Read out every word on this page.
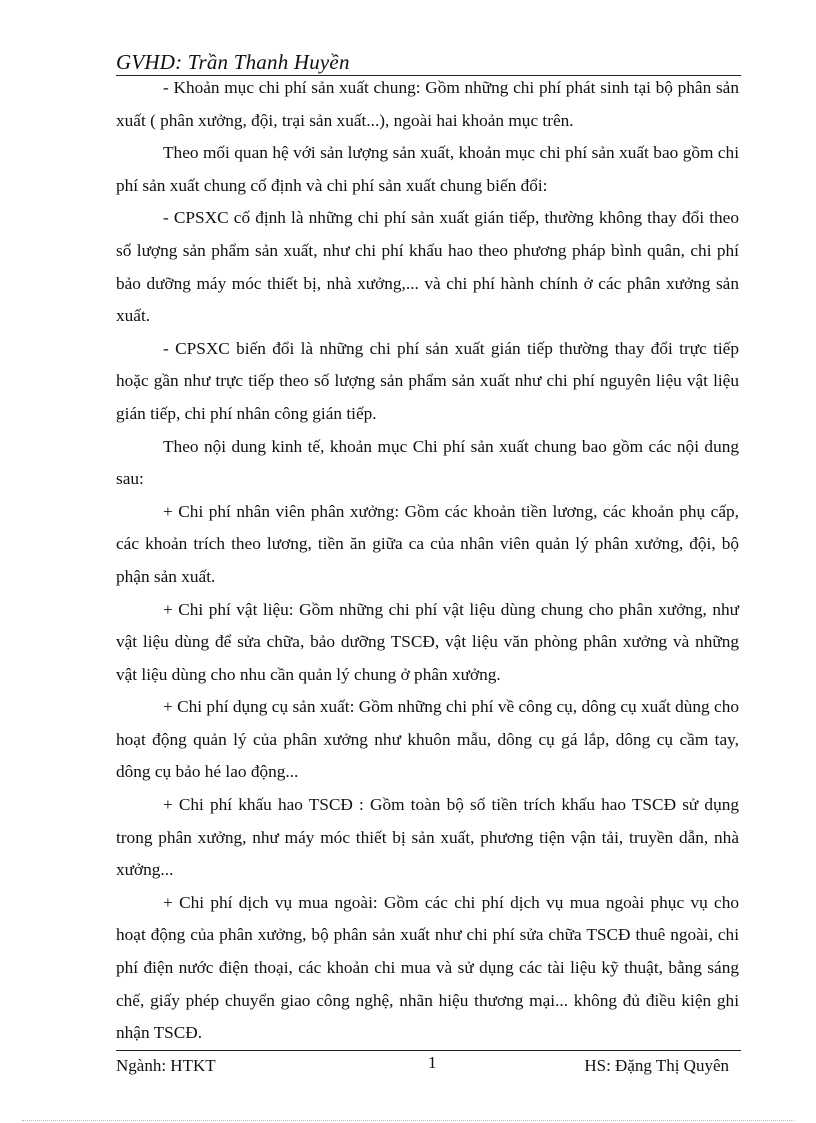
GVHD: Trần Thanh Huyền

- Khoản mục chi phí sản xuất chung: Gồm những chi phí phát sinh tại bộ phân sản xuất ( phân xưởng, đội, trại sản xuất...), ngoài hai khoản mục trên.

Theo mối quan hệ với sản lượng sản xuất, khoản mục chi phí sản xuất bao gồm chi phí sản xuất chung cố định và chi phí sản xuất chung biến đổi:

- CPSXC cố định là những chi phí sản xuất gián tiếp, thường không thay đổi theo số lượng sản phẩm sản xuất, như chi phí khấu hao theo phương pháp bình quân, chi phí bảo dưỡng máy móc thiết bị, nhà xưởng,... và chi phí hành chính ở các phân xưởng sản xuất.

- CPSXC biến đổi là những chi phí sản xuất gián tiếp thường thay đổi trực tiếp hoặc gần như trực tiếp theo số lượng sản phẩm sản xuất như chi phí nguyên liệu vật liệu gián tiếp, chi phí nhân công gián tiếp.

Theo nội dung kinh tế, khoản mục Chi phí sản xuất chung bao gồm các nội dung sau:

+ Chi phí nhân viên phân xưởng: Gồm các khoản tiền lương, các khoản phụ cấp, các khoản trích theo lương, tiền ăn giữa ca của nhân viên quản lý phân xưởng, đội, bộ phận sản xuất.

+ Chi phí vật liệu: Gồm những chi phí vật liệu dùng chung cho phân xưởng, như vật liệu dùng để sửa chữa, bảo dưỡng TSCĐ, vật liệu văn phòng phân xưởng và những vật liệu dùng cho nhu cần quản lý chung ở phân xưởng.

+ Chi phí dụng cụ sản xuất: Gồm những chi phí về công cụ, dông cụ xuất dùng cho hoạt động quản lý của phân xưởng như khuôn mẫu, dông cụ gá lắp, dông cụ cầm tay, dông cụ bảo hé lao động...

+ Chi phí khấu hao TSCĐ : Gồm toàn bộ số tiền trích khấu hao TSCĐ sử dụng trong phân xưởng, như máy móc thiết bị sản xuất, phương tiện vận tải, truyền dẫn, nhà xưởng...

+ Chi phí dịch vụ mua ngoài: Gồm các chi phí dịch vụ mua ngoài phục vụ cho hoạt động của phân xưởng, bộ phân sản xuất như chi phí sửa chữa TSCĐ thuê ngoài, chi phí điện nước điện thoại, các khoản chi mua và sử dụng các tài liệu kỹ thuật, bằng sáng chế, giấy phép chuyển giao công nghệ, nhãn hiệu thương mại... không đủ điều kiện ghi nhận TSCĐ.

Ngành: HTKT	1	HS: Đặng Thị Quyên
